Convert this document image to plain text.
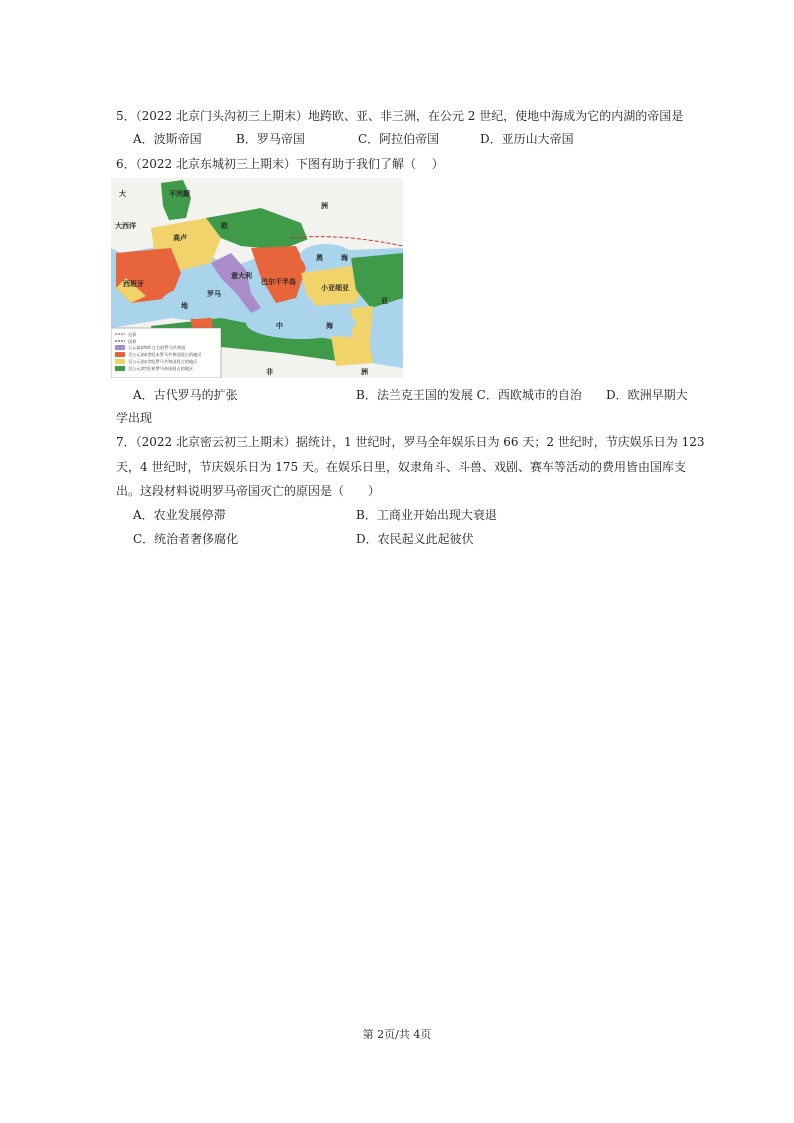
5．（2022 北京门头沟初三上期末）地跨欧、亚、非三洲，在公元 2 世纪，使地中海成为它的内湖的帝国是
A．波斯帝国	B．罗马帝国	C．阿拉伯帝国	D．亚历山大帝国
6．（2022 北京东城初三上期末）下图有助于我们了解（　 ）
边界
国界
公元前270年左右的罗马共和国
至公元前2世纪末罗马共和国侵占的地区
至公元前1世纪罗马共和国侵占的地区
至公元2世纪初罗马帝国侵占的地区
大	不列颠
高卢
西班牙
欧
罗马
意大利
巴尔干半岛
小亚细亚
黑	海
地
中	海
洲
非	洲
大西洋
亚
A．古代罗马的扩张	B．法兰克王国的发展 C．西欧城市的自治 D．欧洲早期大
学出现
7．（2022 北京密云初三上期末）据统计，1 世纪时，罗马全年娱乐日为 66 天；2 世纪时，节庆娱乐日为 123
天，4 世纪时，节庆娱乐日为 175 天。在娱乐日里，奴隶角斗、斗兽、戏剧、赛车等活动的费用皆由国库支
出。这段材料说明罗马帝国灭亡的原因是（　　）
A．农业发展停滞	B．工商业开始出现大衰退
C．统治者奢侈腐化	D．农民起义此起彼伏
第 2页/共 4页
